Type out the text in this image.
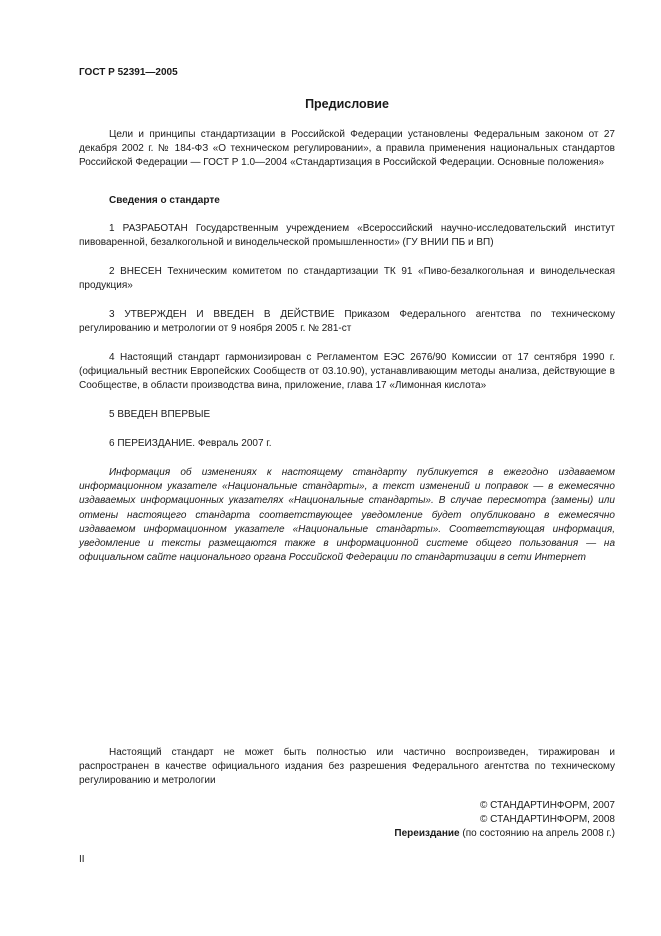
ГОСТ Р 52391—2005
Предисловие

Цели и принципы стандартизации в Российской Федерации установлены Федеральным законом от 27 декабря 2002 г. № 184-ФЗ «О техническом регулировании», а правила применения национальных стандартов Российской Федерации — ГОСТ Р 1.0—2004 «Стандартизация в Российской Федерации. Основные положения»

Сведения о стандарте

1 РАЗРАБОТАН Государственным учреждением «Всероссийский научно-исследовательский институт пивоваренной, безалкогольной и винодельческой промышленности» (ГУ ВНИИ ПБ и ВП)

2 ВНЕСЕН Техническим комитетом по стандартизации ТК 91 «Пиво-безалкогольная и винодельческая продукция»

3 УТВЕРЖДЕН И ВВЕДЕН В ДЕЙСТВИЕ Приказом Федерального агентства по техническому регулированию и метрологии от 9 ноября 2005 г. № 281-ст

4 Настоящий стандарт гармонизирован с Регламентом ЕЭС 2676/90 Комиссии от 17 сентября 1990 г. (официальный вестник Европейских Сообществ от 03.10.90), устанавливающим методы анализа, действующие в Сообществе, в области производства вина, приложение, глава 17 «Лимонная кислота»

5 ВВЕДЕН ВПЕРВЫЕ

6 ПЕРЕИЗДАНИЕ. Февраль 2007 г.

Информация об изменениях к настоящему стандарту публикуется в ежегодно издаваемом информационном указателе «Национальные стандарты», а текст изменений и поправок — в ежемесячно издаваемых информационных указателях «Национальные стандарты». В случае пересмотра (замены) или отмены настоящего стандарта соответствующее уведомление будет опубликовано в ежемесячно издаваемом информационном указателе «Национальные стандарты». Соответствующая информация, уведомление и тексты размещаются также в информационной системе общего пользования — на официальном сайте национального органа Российской Федерации по стандартизации в сети Интернет

Настоящий стандарт не может быть полностью или частично воспроизведен, тиражирован и распространен в качестве официального издания без разрешения Федерального агентства по техническому регулированию и метрологии

© СТАНДАРТИНФОРМ, 2007
© СТАНДАРТИНФОРМ, 2008
Переиздание (по состоянию на апрель 2008 г.)
II
